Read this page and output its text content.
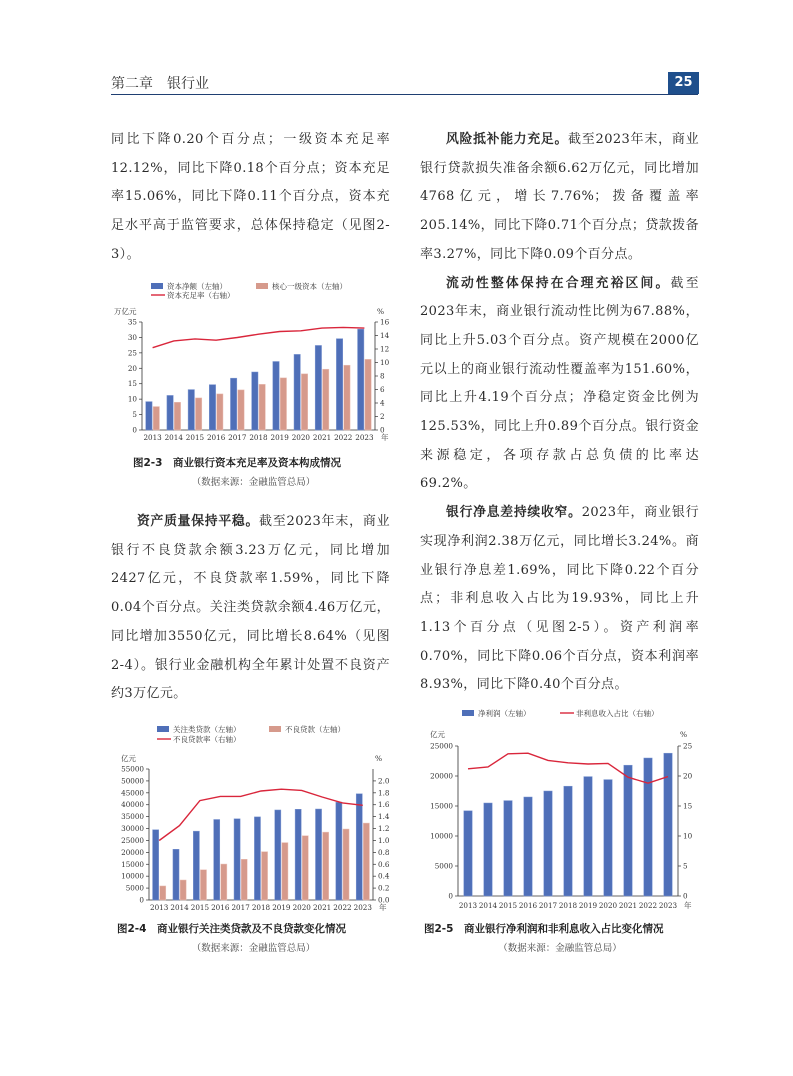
第二章　银行业	25

同比下降0.20个百分点；一级资本充足率12.12%，同比下降0.18个百分点；资本充足率15.06%，同比下降0.11个百分点，资本充足水平高于监管要求，总体保持稳定（见图2-3）。

资产质量保持平稳。截至2023年末，商业银行不良贷款余额3.23万亿元，同比增加2427亿元，不良贷款率1.59%，同比下降0.04个百分点。关注类贷款余额4.46万亿元，同比增加3550亿元，同比增长8.64%（见图2-4）。银行业金融机构全年累计处置不良资产约3万亿元。

风险抵补能力充足。截至2023年末，商业银行贷款损失准备余额6.62万亿元，同比增加4768亿元，增长7.76%；拨备覆盖率205.14%，同比下降0.71个百分点；贷款拨备率3.27%，同比下降0.09个百分点。

流动性整体保持在合理充裕区间。截至2023年末，商业银行流动性比例为67.88%，同比上升5.03个百分点。资产规模在2000亿元以上的商业银行流动性覆盖率为151.60%，同比上升4.19个百分点；净稳定资金比例为125.53%，同比上升0.89个百分点。银行资金来源稳定，各项存款占总负债的比率达69.2%。

银行净息差持续收窄。2023年，商业银行实现净利润2.38万亿元，同比增长3.24%。商业银行净息差1.69%，同比下降0.22个百分点；非利息收入占比为19.93%，同比上升1.13个百分点（见图2-5）。资产利润率0.70%，同比下降0.06个百分点，资本利润率8.93%，同比下降0.40个百分点。

资本净额（左轴）	核心一级资本（左轴）
资本充足率（右轴）
万亿元	%
0
5
10
15
20
25
30
35
0
2
4
6
8
10
12
14
16
2013 2014 2015 2016 2017 2018 2019 2020 2021 2022 2023 年
图2-3　商业银行资本充足率及资本构成情况
（数据来源：金融监管总局）
关注类贷款（左轴）	不良贷款（左轴）
不良贷款率（右轴）
亿元	%
0
5000
10000
15000
20000
25000
30000
35000
40000
45000
50000
55000
0.0
0.2
0.4
0.6
0.8
1.0
1.2
1.4
1.6
1.8
2.0
2013 2014 2015 2016 2017 2018 2019 2020 2021 2022 2023 年
图2-4　商业银行关注类贷款及不良贷款变化情况
（数据来源：金融监管总局）
净利润（左轴）	非利息收入占比（右轴）
亿元	%
0
5000
10000
15000
20000
25000
0
5
10
15
20
25
2013 2014 2015 2016 2017 2018 2019 2020 2021 2022 2023 年
图2-5　商业银行净利润和非利息收入占比变化情况
（数据来源：金融监管总局）
